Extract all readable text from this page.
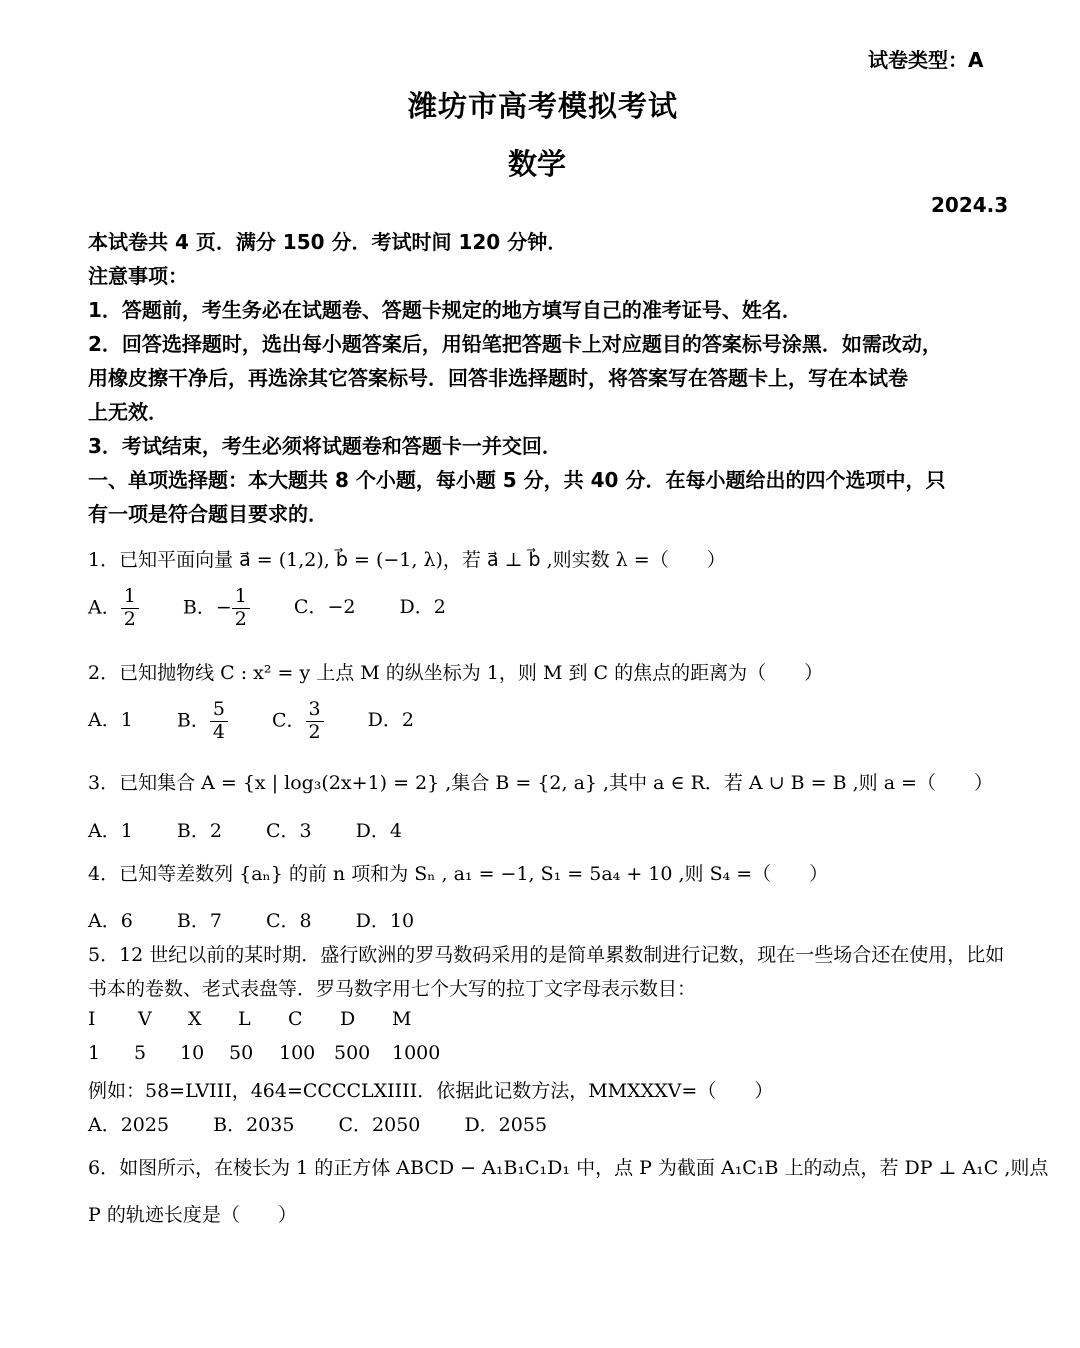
试卷类型：A
潍坊市高考模拟考试
数学
2024.3
本试卷共 4 页．满分 150 分．考试时间 120 分钟．
注意事项：
1．答题前，考生务必在试题卷、答题卡规定的地方填写自己的准考证号、姓名．
2．回答选择题时，选出每小题答案后，用铅笔把答题卡上对应题目的答案标号涂黑．如需改动，
用橡皮擦干净后，再选涂其它答案标号．回答非选择题时，将答案写在答题卡上，写在本试卷
上无效．
3．考试结束，考生必须将试题卷和答题卡一并交回．
一、单项选择题：本大题共 8 个小题，每小题 5 分，共 40 分．在每小题给出的四个选项中，只
有一项是符合题目要求的．
1．已知平面向量 a⃗ = (1,2), b⃗ = (−1, λ)，若 a⃗ ⊥ b⃗ ,则实数 λ =（　　）
A． $\frac{1}{2}$ B．− $\frac{1}{2}$ C．−2 D．2
2．已知抛物线 C : x² = y 上点 M 的纵坐标为 1，则 M 到 C 的焦点的距离为（　　）
A．1 B． $\frac{5}{4}$ C． $\frac{3}{2}$ D．2
3．已知集合 A = {x | log₃(2x+1) = 2} ,集合 B = {2, a} ,其中 a ∈ R．若 A ∪ B = B ,则 a =（　　）
A．1 B．2 C．3 D．4
4．已知等差数列 {aₙ} 的前 n 项和为 Sₙ , a₁ = −1, S₁ = 5a₄ + 10 ,则 S₄ =（　　）
A．6 B．7 C．8 D．10
5．12 世纪以前的某时期．盛行欧洲的罗马数码采用的是简单累数制进行记数，现在一些场合还在使用，比如
书本的卷数、老式表盘等．罗马数字用七个大写的拉丁文字母表示数目：
I V X L C D M
1 5 10 50 100 500 1000
例如：58=LVIII，464=CCCCLXIIII．依据此记数方法，MMXXXV=（　　）
A．2025 B．2035 C．2050 D．2055
6．如图所示，在棱长为 1 的正方体 ABCD − A₁B₁C₁D₁ 中，点 P 为截面 A₁C₁B 上的动点，若 DP ⊥ A₁C ,则点
P 的轨迹长度是（　　）
